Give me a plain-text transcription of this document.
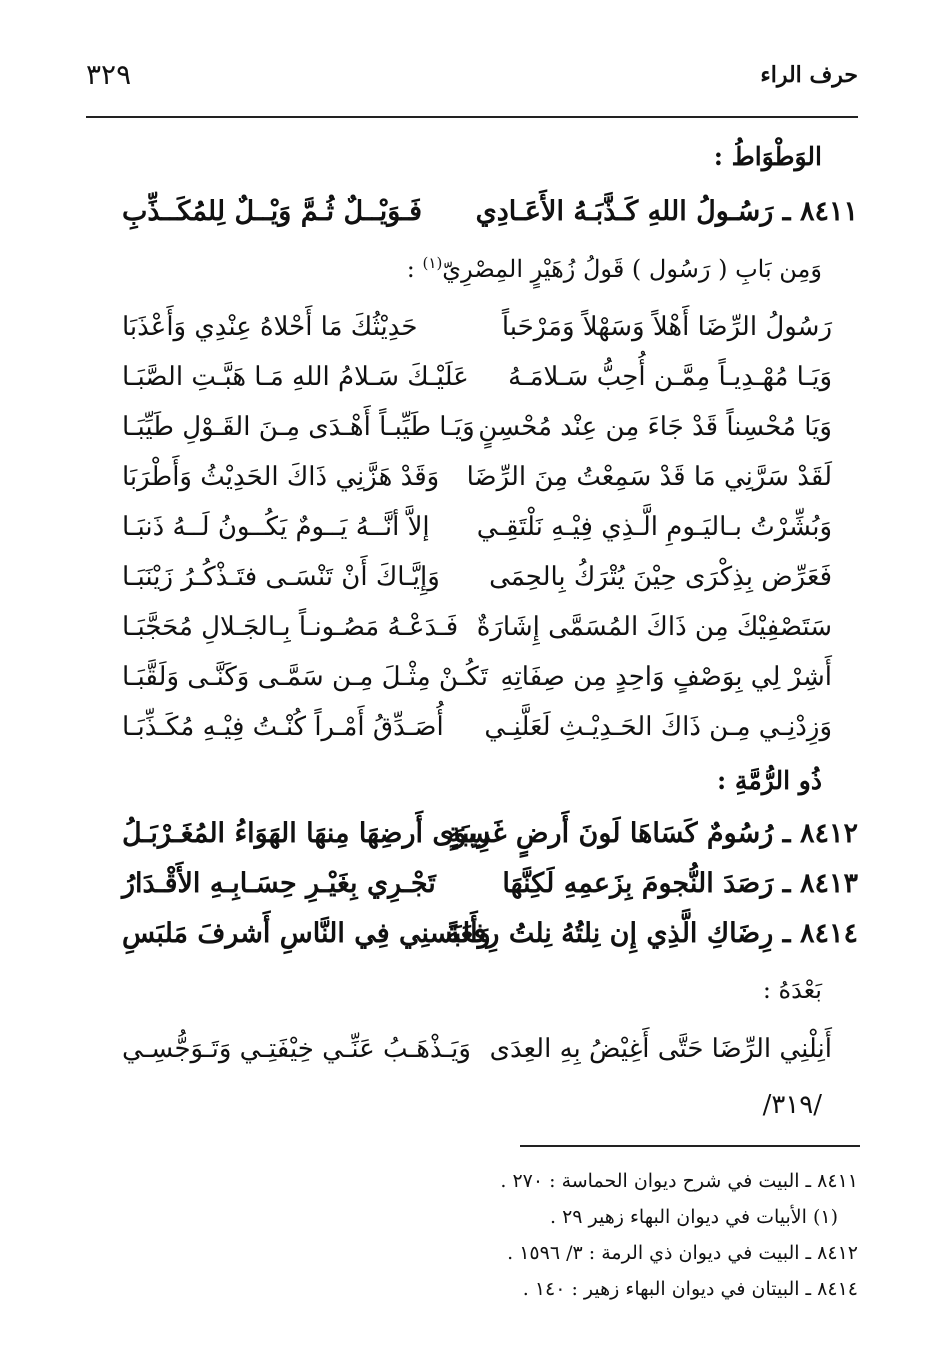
حرف الراء
٣٢٩
الوَطْوَاطُ :
٨٤١١ ـ رَسُـولُ اللهِ كَـذَّبَـهُ الأَعَـادِي
فَـوَيْــلٌ ثُـمَّ وَيْــلٌ لِلمُكَــذِّبِ
وَمِن بَابِ ( رَسُول ) قَولُ زُهَيْرٍ المِصْرِيّ$^{(١)}$ :
رَسُولُ الرِّضَا أَهْلاً وَسَهْلاً وَمَرْحَباً
حَدِيْثُكَ مَا أَحْلاهُ عِنْدِي وَأَعْذَبَا
وَيَـا مُهْـدِيـاً مِمَّـن أُحِبُّ سَـلامَـهُ
عَلَيْـكَ سَـلامُ اللهِ مَـا هَبَّـتِ الصَّبَـا
وَيَا مُحْسِناً قَدْ جَاءَ مِن عِنْد مُحْسِنٍ
وَيَـا طَيِّبـاً أَهْـدَى مِـنَ القَـوْلِ طَيِّبَـا
لَقَدْ سَرَّنِي مَا قَدْ سَمِعْتُ مِنَ الرِّضَا
وَقَدْ هَزَّنِي ذَاكَ الحَدِيْثُ وَأَطْرَبَا
وَبُشِّرْتُ بـاليَـومِ الَّـذِي فِيْـهِ نَلْتَقِـي
إلاَّ أنَّــهُ يَــومٌ يَكُــونُ لَــهُ ذَنبَـا
فَعَرِّض بِذِكْرَى حِيْنَ يُتْرَكُ بِالحِمَى
وَإِيَّـاكَ أَنْ تَنْسَـى فتَـذْكُـرُ زَيْنَبَـا
سَتَصْفِيْكَ مِن ذَاكَ المُسَمَّى إِشَارَةٌ
فَـدَعْـهُ مَصُـونـاً بِـالجَـلالِ مُحَجَّبَـا
أَشِرْ لِي بِوَصْفٍ وَاحِدٍ مِن صِفَاتِهِ
تَكُـنْ مِثْـلَ مِـن سَمَّـى وَكَنَّـى وَلَقَّبَـا
وَزِدْنِـي مِـن ذَاكَ الحَـدِيْـثِ لَعَلَّنِـي
أُصَـدِّقُ أَمْـراً كُنْـتُ فِيْـهِ مُكَـذِّبَـا
ذُو الرُّمَّةِ :
٨٤١٢ ـ رُسُومٌ كَسَاهَا لَونَ أَرضٍ غَرِيبَةٍ
سِوَى أَرضِهَا مِنهَا الهَوَاءُ المُغَـرْبَـلُ
٨٤١٣ ـ رَصَدَ النُّجومَ بِزَعمِهِ لَكِنَّهَا
تَجْـرِي بِغَيْـرِ حِسَـابِـهِ الأَقْـدَارُ
٨٤١٤ ـ رِضَاكِ الَّذِي إِن نِلتُهُ نِلتُ رِفعَةً
وَأَلبَسنِي فِي النَّاسِ أَشرفَ مَلبَسِ
بَعْدَهُ :
أَنِلْنِي الرِّضَا حَتَّى أَغِيْضُ بِهِ العِدَى
وَيَـذْهَـبُ عَنِّـي خِيْفَتِـي وَتَـوَجُّسِـي
/٣١٩/
٨٤١١ ـ البيت في شرح ديوان الحماسة : ٢٧٠ .
(١) الأبيات في ديوان البهاء زهير ٢٩ .
٨٤١٢ ـ البيت في ديوان ذي الرمة : ٣/ ١٥٩٦ .
٨٤١٤ ـ البيتان في ديوان البهاء زهير : ١٤٠ .
